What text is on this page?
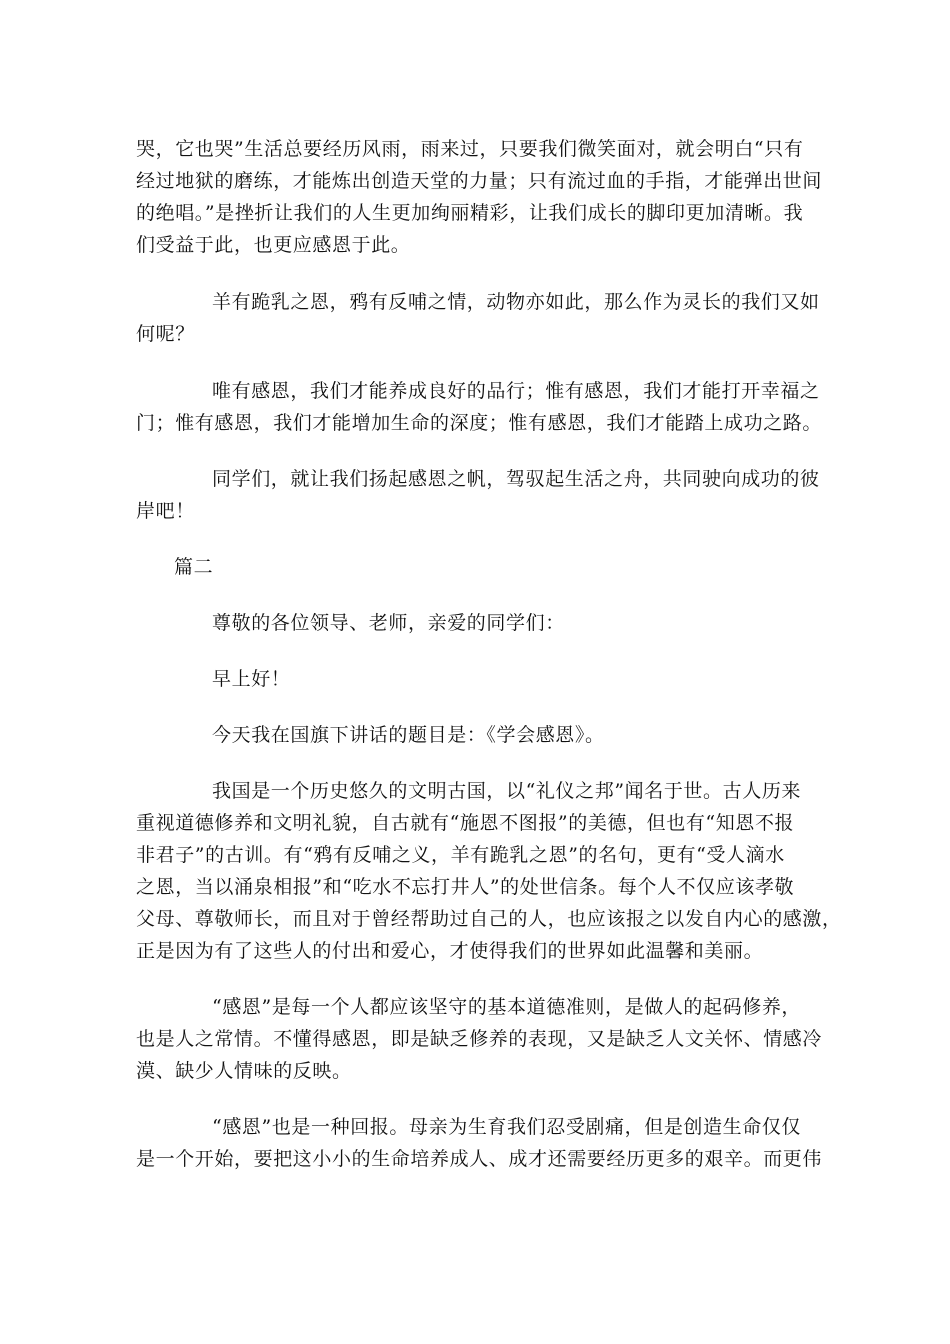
哭，它也哭”生活总要经历风雨，雨来过，只要我们微笑面对，就会明白“只有
经过地狱的磨练，才能炼出创造天堂的力量；只有流过血的手指，才能弹出世间
的绝唱。”是挫折让我们的人生更加绚丽精彩，让我们成长的脚印更加清晰。我
们受益于此，也更应感恩于此。
羊有跪乳之恩，鸦有反哺之情，动物亦如此，那么作为灵长的我们又如
何呢？
唯有感恩，我们才能养成良好的品行；惟有感恩，我们才能打开幸福之
门；惟有感恩，我们才能增加生命的深度；惟有感恩，我们才能踏上成功之路。
同学们，就让我们扬起感恩之帆，驾驭起生活之舟，共同驶向成功的彼
岸吧！
篇二
尊敬的各位领导、老师，亲爱的同学们：
早上好！
今天我在国旗下讲话的题目是：《学会感恩》。
我国是一个历史悠久的文明古国，以“礼仪之邦”闻名于世。古人历来
重视道德修养和文明礼貌，自古就有“施恩不图报”的美德，但也有“知恩不报
非君子”的古训。有“鸦有反哺之义，羊有跪乳之恩”的名句，更有“受人滴水
之恩，当以涌泉相报”和“吃水不忘打井人”的处世信条。每个人不仅应该孝敬
父母、尊敬师长，而且对于曾经帮助过自己的人，也应该报之以发自内心的感激，
正是因为有了这些人的付出和爱心，才使得我们的世界如此温馨和美丽。
“感恩”是每一个人都应该坚守的基本道德准则，是做人的起码修养，
也是人之常情。不懂得感恩，即是缺乏修养的表现，又是缺乏人文关怀、情感冷
漠、缺少人情味的反映。
“感恩”也是一种回报。母亲为生育我们忍受剧痛，但是创造生命仅仅
是一个开始，要把这小小的生命培养成人、成才还需要经历更多的艰辛。而更伟
